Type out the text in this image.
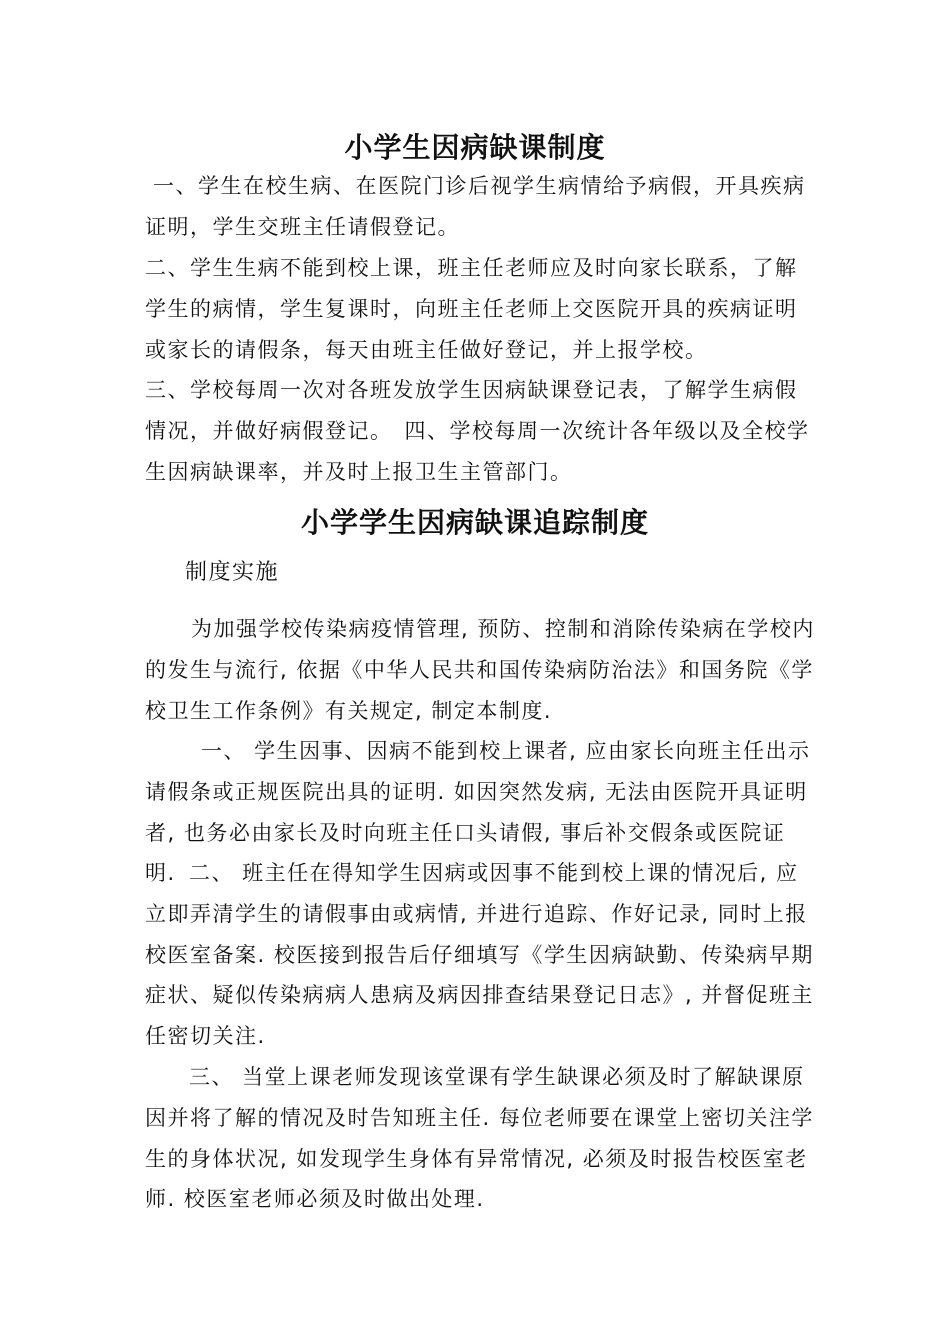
小学生因病缺课制度

一、学生在校生病、在医院门诊后视学生病情给予病假，开具疾病证明，学生交班主任请假登记。

二、学生生病不能到校上课，班主任老师应及时向家长联系，了解学生的病情，学生复课时，向班主任老师上交医院开具的疾病证明或家长的请假条，每天由班主任做好登记，并上报学校。

三、学校每周一次对各班发放学生因病缺课登记表，了解学生病假情况，并做好病假登记。　四、学校每周一次统计各年级以及全校学生因病缺课率，并及时上报卫生主管部门。

小学学生因病缺课追踪制度
制度实施

为加强学校传染病疫情管理, 预防、控制和消除传染病在学校内的发生与流行, 依据《中华人民共和国传染病防治法》和国务院《学校卫生工作条例》有关规定, 制定本制度.

一、 学生因事、因病不能到校上课者, 应由家长向班主任出示请假条或正规医院出具的证明. 如因突然发病, 无法由医院开具证明者, 也务必由家长及时向班主任口头请假, 事后补交假条或医院证明. 二、 班主任在得知学生因病或因事不能到校上课的情况后, 应立即弄清学生的请假事由或病情, 并进行追踪、作好记录, 同时上报校医室备案. 校医接到报告后仔细填写《学生因病缺勤、传染病早期症状、疑似传染病病人患病及病因排查结果登记日志》, 并督促班主任密切关注.

三、 当堂上课老师发现该堂课有学生缺课必须及时了解缺课原因并将了解的情况及时告知班主任. 每位老师要在课堂上密切关注学生的身体状况, 如发现学生身体有异常情况, 必须及时报告校医室老师. 校医室老师必须及时做出处理.
